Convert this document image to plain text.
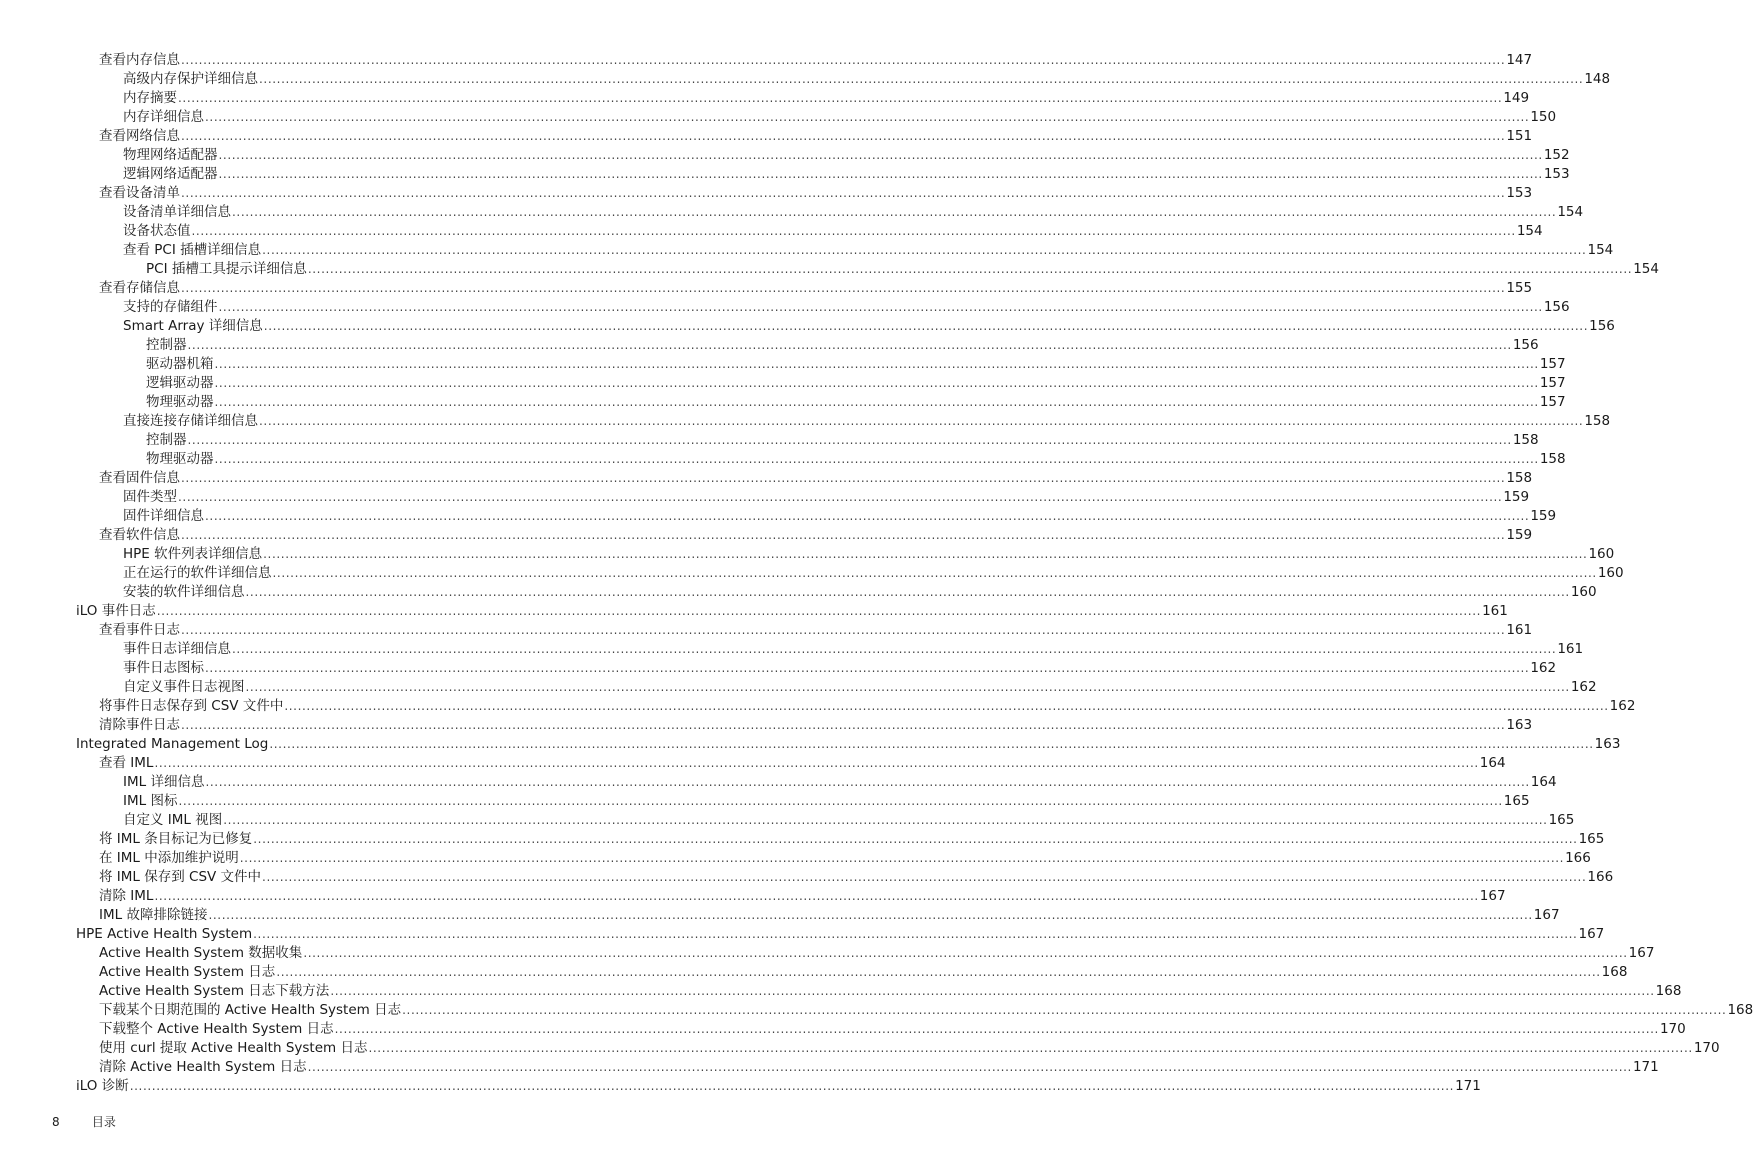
查看内存信息 ............................................................................................................................................................................................................................................................................................................ 147
高级内存保护详细信息 ............................................................................................................................................................................................................................................................................................................ 148
内存摘要 ............................................................................................................................................................................................................................................................................................................ 149
内存详细信息 ............................................................................................................................................................................................................................................................................................................ 150
查看网络信息 ............................................................................................................................................................................................................................................................................................................ 151
物理网络适配器 ............................................................................................................................................................................................................................................................................................................ 152
逻辑网络适配器 ............................................................................................................................................................................................................................................................................................................ 153
查看设备清单 ............................................................................................................................................................................................................................................................................................................ 153
设备清单详细信息 ............................................................................................................................................................................................................................................................................................................ 154
设备状态值 ............................................................................................................................................................................................................................................................................................................ 154
查看 PCI 插槽详细信息 ............................................................................................................................................................................................................................................................................................................ 154
PCI 插槽工具提示详细信息 ............................................................................................................................................................................................................................................................................................................ 154
查看存储信息 ............................................................................................................................................................................................................................................................................................................ 155
支持的存储组件 ............................................................................................................................................................................................................................................................................................................ 156
Smart Array 详细信息 ............................................................................................................................................................................................................................................................................................................ 156
控制器 ............................................................................................................................................................................................................................................................................................................ 156
驱动器机箱 ............................................................................................................................................................................................................................................................................................................ 157
逻辑驱动器 ............................................................................................................................................................................................................................................................................................................ 157
物理驱动器 ............................................................................................................................................................................................................................................................................................................ 157
直接连接存储详细信息 ............................................................................................................................................................................................................................................................................................................ 158
控制器 ............................................................................................................................................................................................................................................................................................................ 158
物理驱动器 ............................................................................................................................................................................................................................................................................................................ 158
查看固件信息 ............................................................................................................................................................................................................................................................................................................ 158
固件类型 ............................................................................................................................................................................................................................................................................................................ 159
固件详细信息 ............................................................................................................................................................................................................................................................................................................ 159
查看软件信息 ............................................................................................................................................................................................................................................................................................................ 159
HPE 软件列表详细信息 ............................................................................................................................................................................................................................................................................................................ 160
正在运行的软件详细信息 ............................................................................................................................................................................................................................................................................................................ 160
安装的软件详细信息 ............................................................................................................................................................................................................................................................................................................ 160
iLO 事件日志 ............................................................................................................................................................................................................................................................................................................ 161
查看事件日志 ............................................................................................................................................................................................................................................................................................................ 161
事件日志详细信息 ............................................................................................................................................................................................................................................................................................................ 161
事件日志图标 ............................................................................................................................................................................................................................................................................................................ 162
自定义事件日志视图 ............................................................................................................................................................................................................................................................................................................ 162
将事件日志保存到 CSV 文件中 ............................................................................................................................................................................................................................................................................................................ 162
清除事件日志 ............................................................................................................................................................................................................................................................................................................ 163
Integrated Management Log ............................................................................................................................................................................................................................................................................................................ 163
查看 IML ............................................................................................................................................................................................................................................................................................................ 164
IML 详细信息 ............................................................................................................................................................................................................................................................................................................ 164
IML 图标 ............................................................................................................................................................................................................................................................................................................ 165
自定义 IML 视图 ............................................................................................................................................................................................................................................................................................................ 165
将 IML 条目标记为已修复 ............................................................................................................................................................................................................................................................................................................ 165
在 IML 中添加维护说明 ............................................................................................................................................................................................................................................................................................................ 166
将 IML 保存到 CSV 文件中 ............................................................................................................................................................................................................................................................................................................ 166
清除 IML ............................................................................................................................................................................................................................................................................................................ 167
IML 故障排除链接 ............................................................................................................................................................................................................................................................................................................ 167
HPE Active Health System ............................................................................................................................................................................................................................................................................................................ 167
Active Health System 数据收集 ............................................................................................................................................................................................................................................................................................................ 167
Active Health System 日志 ............................................................................................................................................................................................................................................................................................................ 168
Active Health System 日志下载方法 ............................................................................................................................................................................................................................................................................................................ 168
下载某个日期范围的 Active Health System 日志 ............................................................................................................................................................................................................................................................................................................ 168
下载整个 Active Health System 日志 ............................................................................................................................................................................................................................................................................................................ 170
使用 curl 提取 Active Health System 日志 ............................................................................................................................................................................................................................................................................................................ 170
清除 Active Health System 日志 ............................................................................................................................................................................................................................................................................................................ 171
iLO 诊断 ............................................................................................................................................................................................................................................................................................................ 171
8	目录
